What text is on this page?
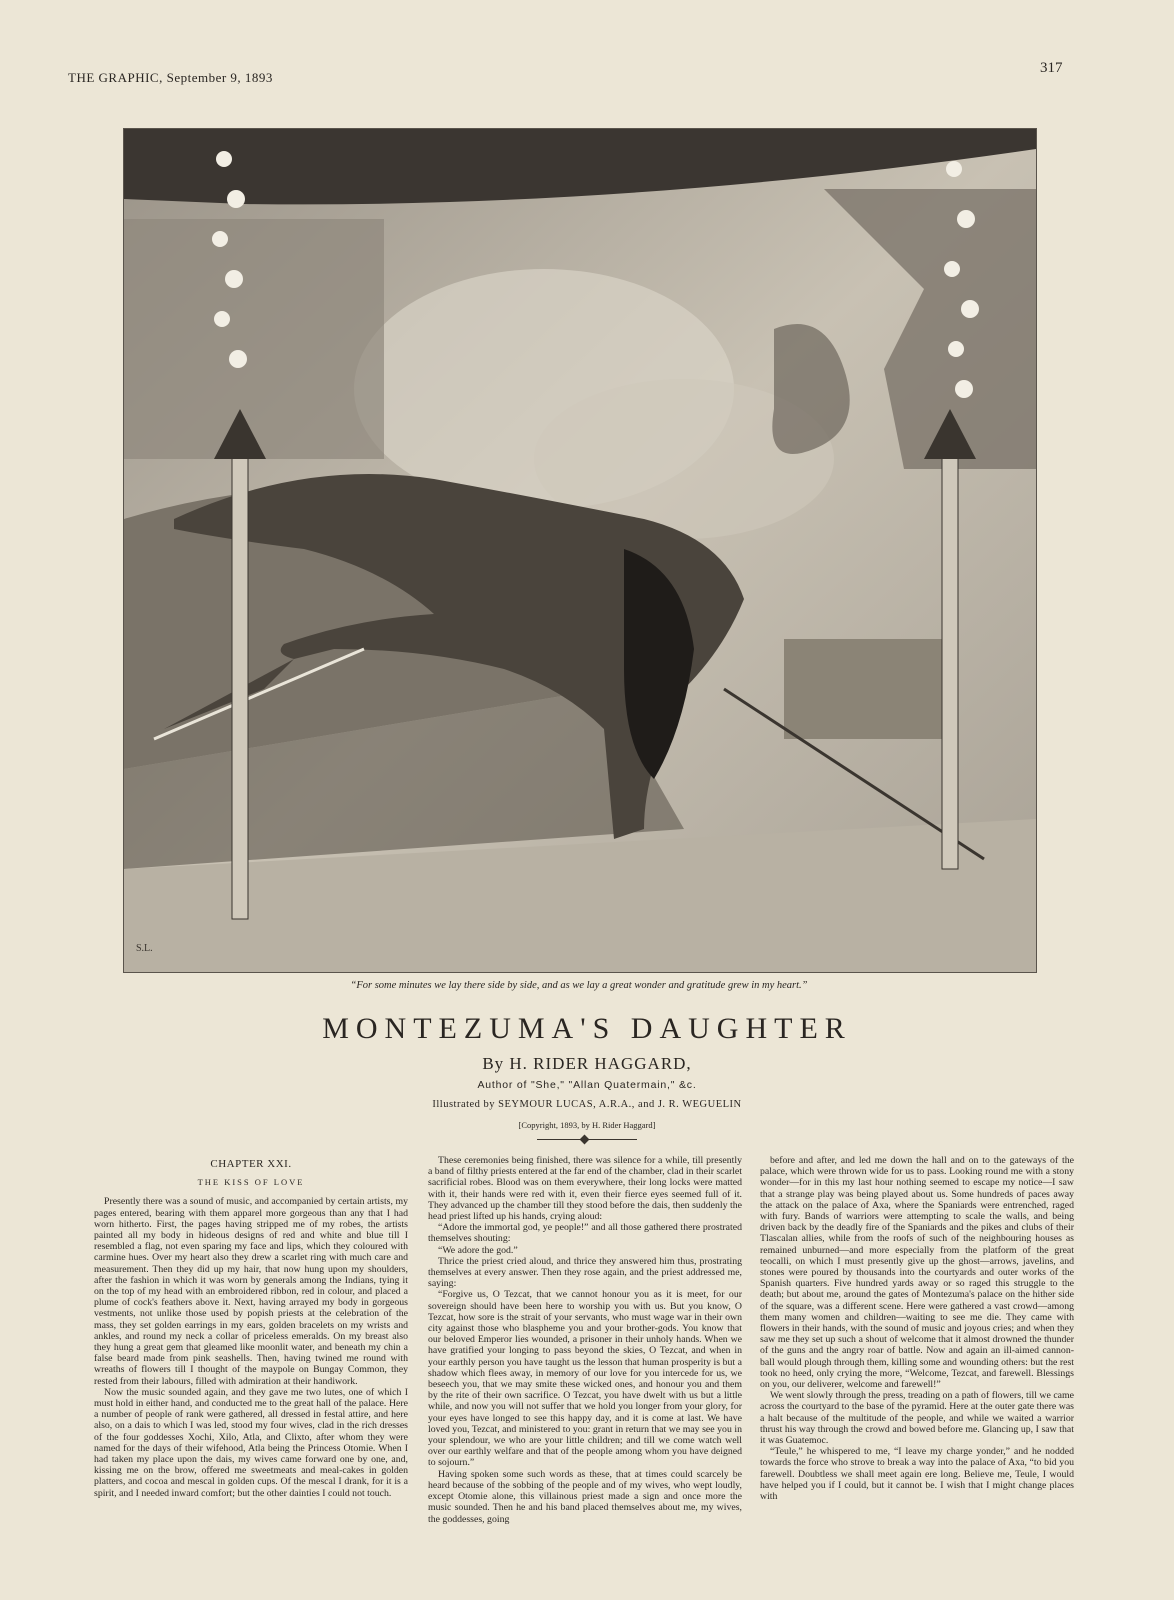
THE GRAPHIC, September 9, 1893
317
S.L.
“For some minutes we lay there side by side, and as we lay a great wonder and gratitude grew in my heart.”
MONTEZUMA'S DAUGHTER
By H. RIDER HAGGARD,
Author of "She," "Allan Quatermain," &c.
Illustrated by SEYMOUR LUCAS, A.R.A., and J. R. WEGUELIN
[Copyright, 1893, by H. Rider Haggard]
CHAPTER XXI.
THE KISS OF LOVE

Presently there was a sound of music, and accompanied by certain artists, my pages entered, bearing with them apparel more gorgeous than any that I had worn hitherto. First, the pages having stripped me of my robes, the artists painted all my body in hideous designs of red and white and blue till I resembled a flag, not even sparing my face and lips, which they coloured with carmine hues. Over my heart also they drew a scarlet ring with much care and measurement. Then they did up my hair, that now hung upon my shoulders, after the fashion in which it was worn by generals among the Indians, tying it on the top of my head with an embroidered ribbon, red in colour, and placed a plume of cock's feathers above it. Next, having arrayed my body in gorgeous vestments, not unlike those used by popish priests at the celebration of the mass, they set golden earrings in my ears, golden bracelets on my wrists and ankles, and round my neck a collar of priceless emeralds. On my breast also they hung a great gem that gleamed like moonlit water, and beneath my chin a false beard made from pink seashells. Then, having twined me round with wreaths of flowers till I thought of the maypole on Bungay Common, they rested from their labours, filled with admiration at their handiwork.

Now the music sounded again, and they gave me two lutes, one of which I must hold in either hand, and conducted me to the great hall of the palace. Here a number of people of rank were gathered, all dressed in festal attire, and here also, on a dais to which I was led, stood my four wives, clad in the rich dresses of the four goddesses Xochi, Xilo, Atla, and Clixto, after whom they were named for the days of their wifehood, Atla being the Princess Otomie. When I had taken my place upon the dais, my wives came forward one by one, and, kissing me on the brow, offered me sweetmeats and meal-cakes in golden platters, and cocoa and mescal in golden cups. Of the mescal I drank, for it is a spirit, and I needed inward comfort; but the other dainties I could not touch.

These ceremonies being finished, there was silence for a while, till presently a band of filthy priests entered at the far end of the chamber, clad in their scarlet sacrificial robes. Blood was on them everywhere, their long locks were matted with it, their hands were red with it, even their fierce eyes seemed full of it. They advanced up the chamber till they stood before the dais, then suddenly the head priest lifted up his hands, crying aloud:

“Adore the immortal god, ye people!” and all those gathered there prostrated themselves shouting:

“We adore the god.”

Thrice the priest cried aloud, and thrice they answered him thus, prostrating themselves at every answer. Then they rose again, and the priest addressed me, saying:

“Forgive us, O Tezcat, that we cannot honour you as it is meet, for our sovereign should have been here to worship you with us. But you know, O Tezcat, how sore is the strait of your servants, who must wage war in their own city against those who blaspheme you and your brother-gods. You know that our beloved Emperor lies wounded, a prisoner in their unholy hands. When we have gratified your longing to pass beyond the skies, O Tezcat, and when in your earthly person you have taught us the lesson that human prosperity is but a shadow which flees away, in memory of our love for you intercede for us, we beseech you, that we may smite these wicked ones, and honour you and them by the rite of their own sacrifice. O Tezcat, you have dwelt with us but a little while, and now you will not suffer that we hold you longer from your glory, for your eyes have longed to see this happy day, and it is come at last. We have loved you, Tezcat, and ministered to you: grant in return that we may see you in your splendour, we who are your little children; and till we come watch well over our earthly welfare and that of the people among whom you have deigned to sojourn.”

Having spoken some such words as these, that at times could scarcely be heard because of the sobbing of the people and of my wives, who wept loudly, except Otomie alone, this villainous priest made a sign and once more the music sounded. Then he and his band placed themselves about me, my wives, the goddesses, going

before and after, and led me down the hall and on to the gateways of the palace, which were thrown wide for us to pass. Looking round me with a stony wonder—for in this my last hour nothing seemed to escape my notice—I saw that a strange play was being played about us. Some hundreds of paces away the attack on the palace of Axa, where the Spaniards were entrenched, raged with fury. Bands of warriors were attempting to scale the walls, and being driven back by the deadly fire of the Spaniards and the pikes and clubs of their Tlascalan allies, while from the roofs of such of the neighbouring houses as remained unburned—and more especially from the platform of the great teocalli, on which I must presently give up the ghost—arrows, javelins, and stones were poured by thousands into the courtyards and outer works of the Spanish quarters. Five hundred yards away or so raged this struggle to the death; but about me, around the gates of Montezuma's palace on the hither side of the square, was a different scene. Here were gathered a vast crowd—among them many women and children—waiting to see me die. They came with flowers in their hands, with the sound of music and joyous cries; and when they saw me they set up such a shout of welcome that it almost drowned the thunder of the guns and the angry roar of battle. Now and again an ill-aimed cannon-ball would plough through them, killing some and wounding others: but the rest took no heed, only crying the more, “Welcome, Tezcat, and farewell. Blessings on you, our deliverer, welcome and farewell!”

We went slowly through the press, treading on a path of flowers, till we came across the courtyard to the base of the pyramid. Here at the outer gate there was a halt because of the multitude of the people, and while we waited a warrior thrust his way through the crowd and bowed before me. Glancing up, I saw that it was Guatemoc.

“Teule,” he whispered to me, “I leave my charge yonder,” and he nodded towards the force who strove to break a way into the palace of Axa, “to bid you farewell. Doubtless we shall meet again ere long. Believe me, Teule, I would have helped you if I could, but it cannot be. I wish that I might change places with
